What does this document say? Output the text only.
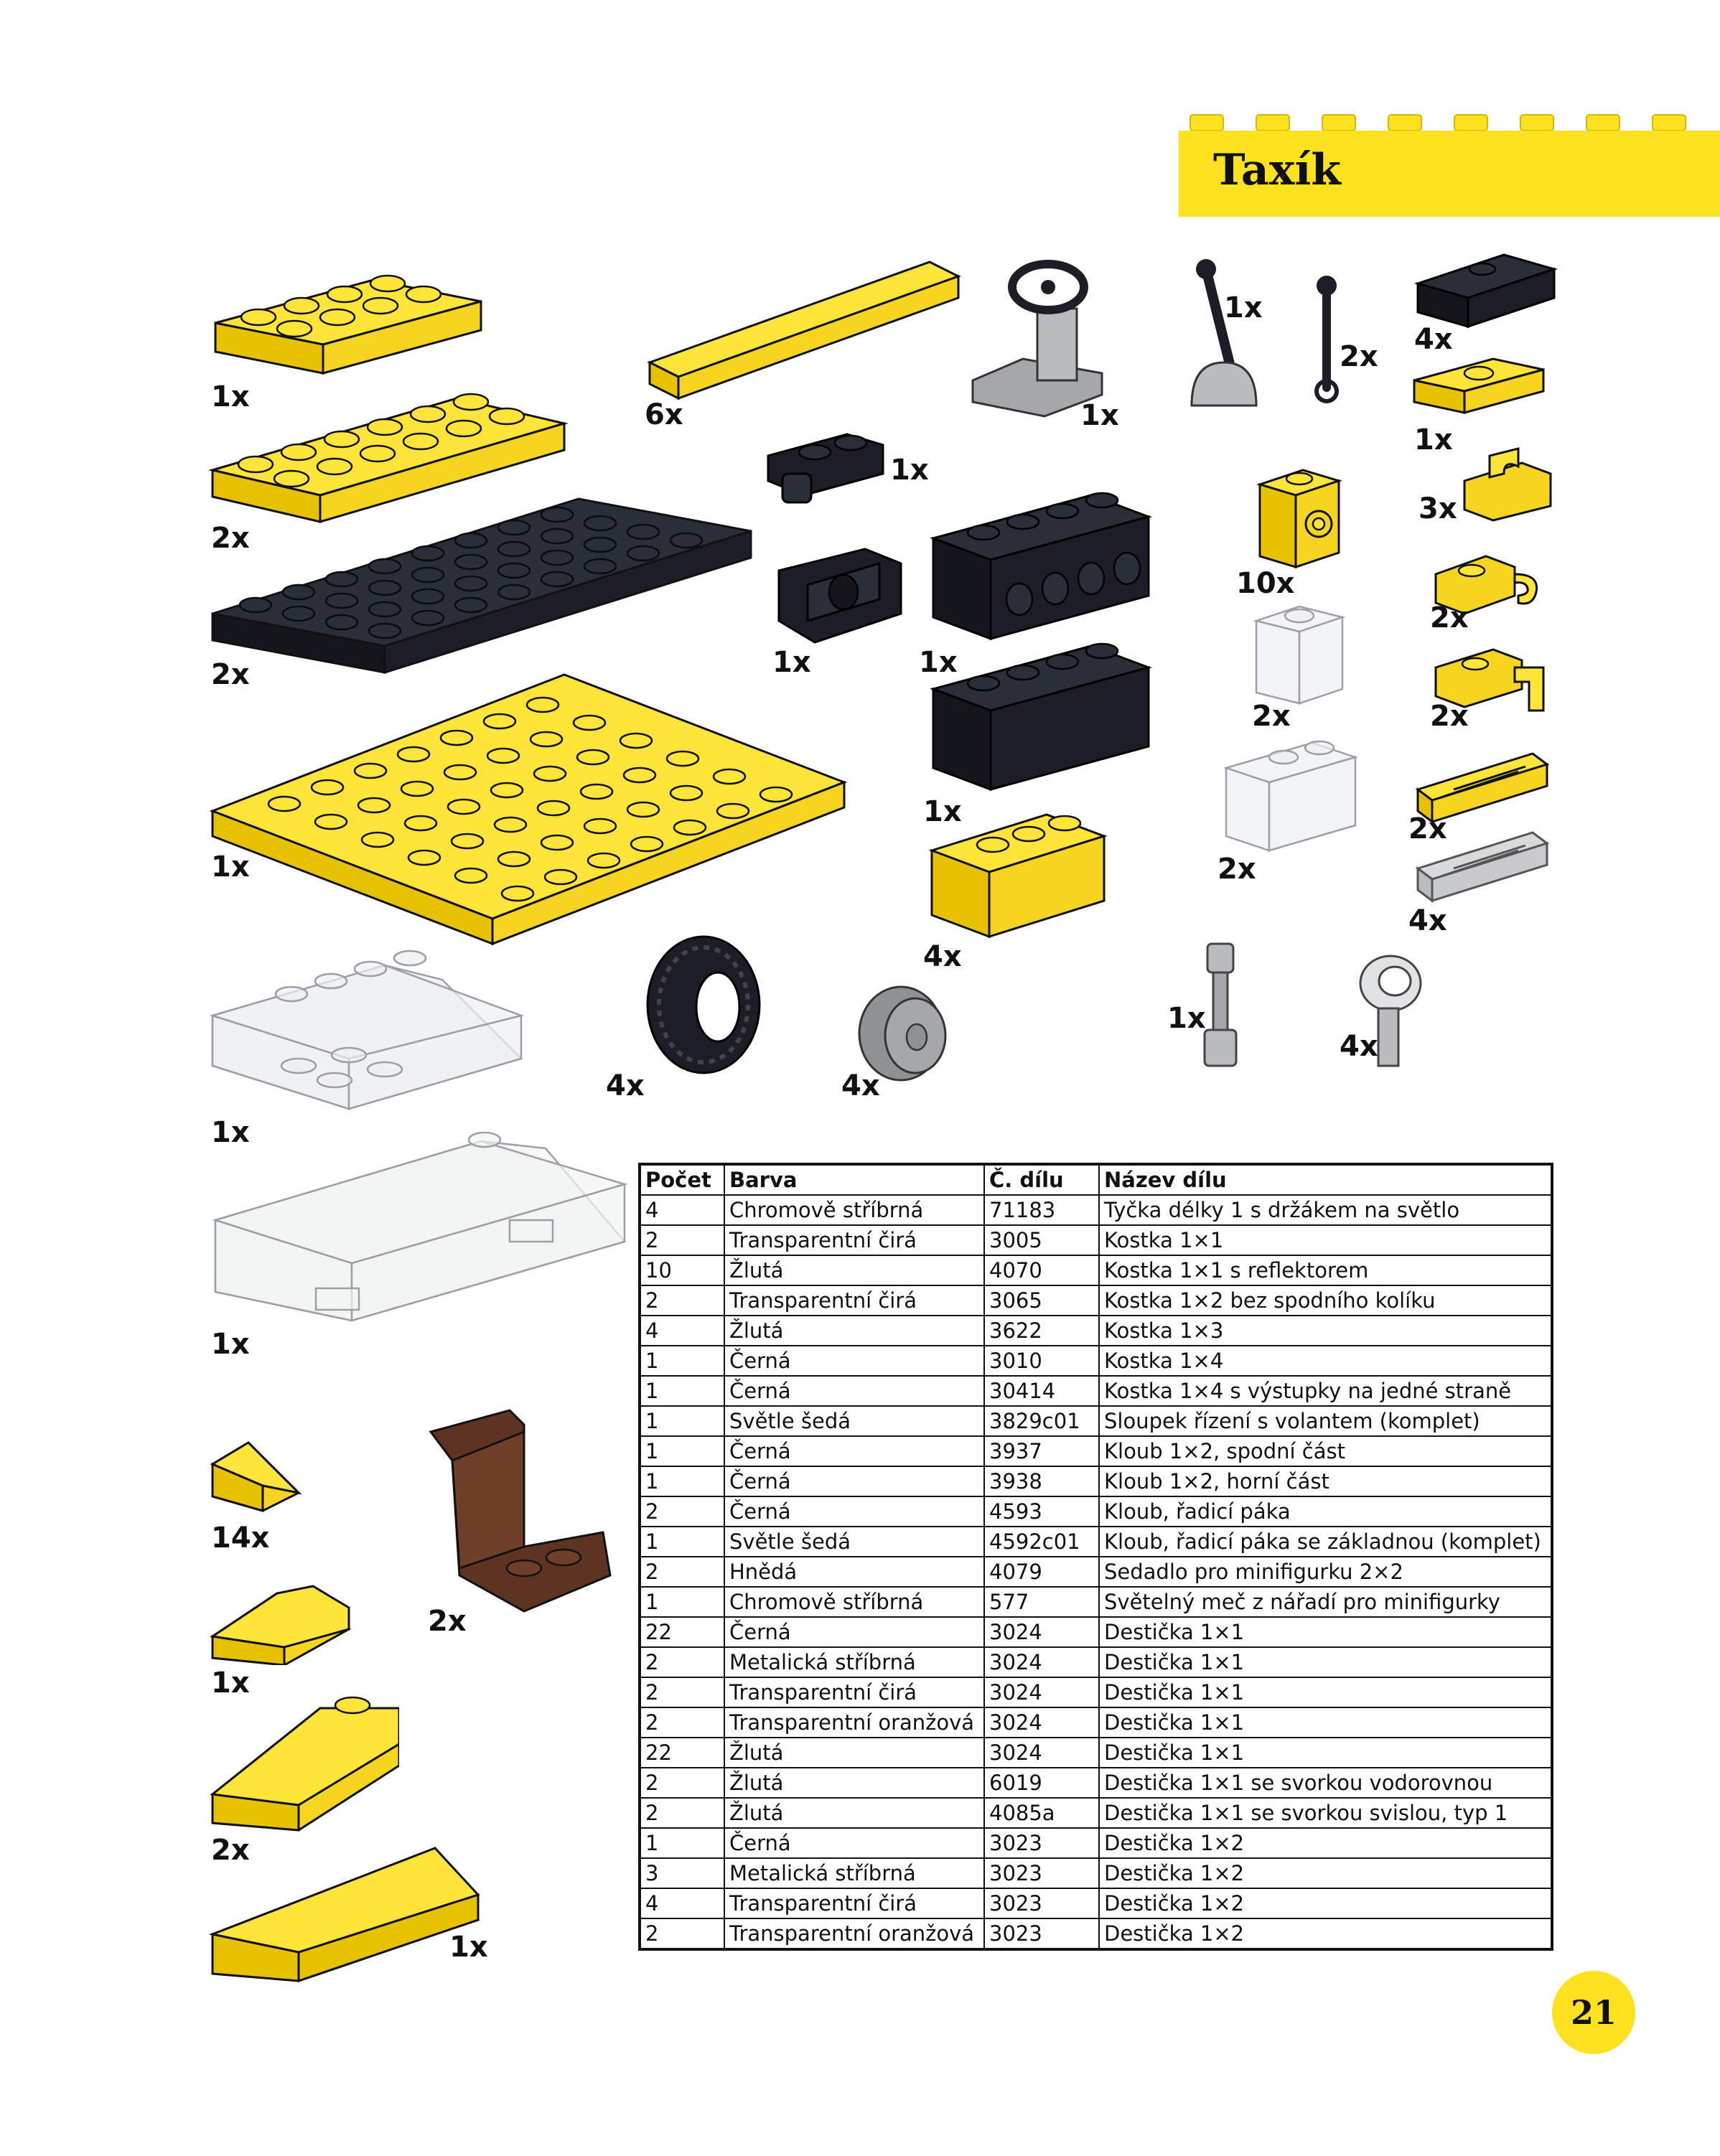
Taxík
1x
2x
2x
1x
1x
1x
14x
1x
2x
1x
2x
6x	1x
1x
1x	1x
1x
4x
4x	4x
1x
2x
4x
1x
3x
10x
2x
2x	2x
2x
2x
4x
1x
4x
Počet	Barva	Č. dílu	Název dílu
4	Chromově stříbrná	71183	Tyčka délky 1 s držákem na světlo
2	Transparentní čirá	3005	Kostka 1×1
10	Žlutá	4070	Kostka 1×1 s reflektorem
2	Transparentní čirá	3065	Kostka 1×2 bez spodního kolíku
4	Žlutá	3622	Kostka 1×3
1	Černá	3010	Kostka 1×4
1	Černá	30414	Kostka 1×4 s výstupky na jedné straně
1	Světle šedá	3829c01	Sloupek řízení s volantem (komplet)
1	Černá	3937	Kloub 1×2, spodní část
1	Černá	3938	Kloub 1×2, horní část
2	Černá	4593	Kloub, řadicí páka
1	Světle šedá	4592c01	Kloub, řadicí páka se základnou (komplet)
2	Hnědá	4079	Sedadlo pro minifigurku 2×2
1	Chromově stříbrná	577	Světelný meč z nářadí pro minifigurky
22	Černá	3024	Destička 1×1
2	Metalická stříbrná	3024	Destička 1×1
2	Transparentní čirá	3024	Destička 1×1
2	Transparentní oranžová	3024	Destička 1×1
22	Žlutá	3024	Destička 1×1
2	Žlutá	6019	Destička 1×1 se svorkou vodorovnou
2	Žlutá	4085a	Destička 1×1 se svorkou svislou, typ 1
1	Černá	3023	Destička 1×2
3	Metalická stříbrná	3023	Destička 1×2
4	Transparentní čirá	3023	Destička 1×2
2	Transparentní oranžová	3023	Destička 1×2
21
